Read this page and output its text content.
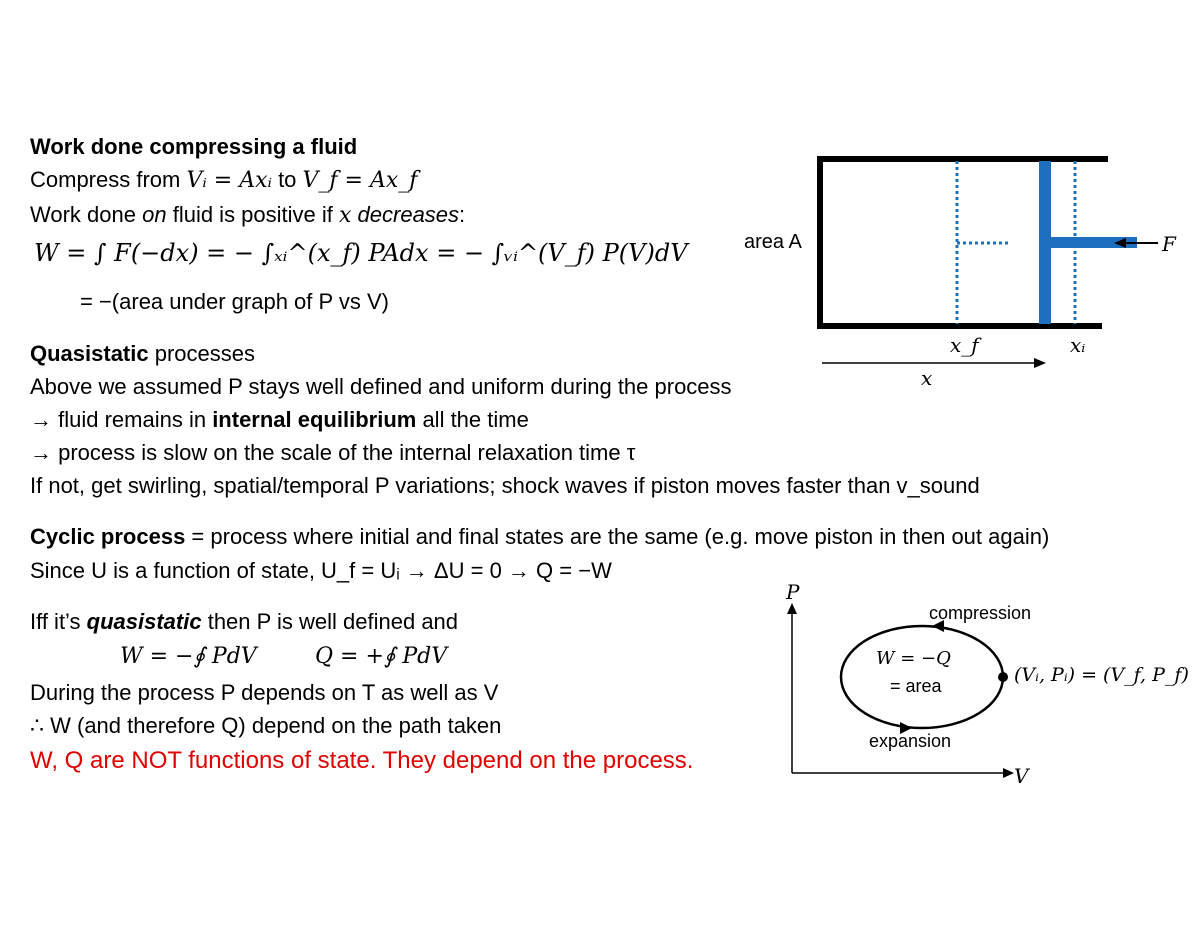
Work done compressing a fluid
Compress from Vᵢ = Axᵢ to V_f = Ax_f
Work done on fluid is positive if x decreases:
W = ∫ F(−dx) = − ∫ₓᵢ^(x_f) PAdx = − ∫ᵥᵢ^(V_f) P(V)dV
= −(area under graph of P vs V)
Quasistatic processes
Above we assumed P stays well defined and uniform during the process
→ fluid remains in internal equilibrium all the time
→ process is slow on the scale of the internal relaxation time τ
If not, get swirling, spatial/temporal P variations; shock waves if piston moves faster than v_sound
Cyclic process = process where initial and final states are the same (e.g. move piston in then out again)
Since U is a function of state, U_f = Uᵢ → ΔU = 0 → Q = −W
Iff it’s quasistatic then P is well defined and
W = −∮ PdV	Q = +∮ PdV
During the process P depends on T as well as V
∴ W (and therefore Q) depend on the path taken
W, Q are NOT functions of state. They depend on the process.
area A	F
x_f	xᵢ
x
P
V
compression
expansion
W = −Q
= area	(Vᵢ, Pᵢ) = (V_f, P_f)
